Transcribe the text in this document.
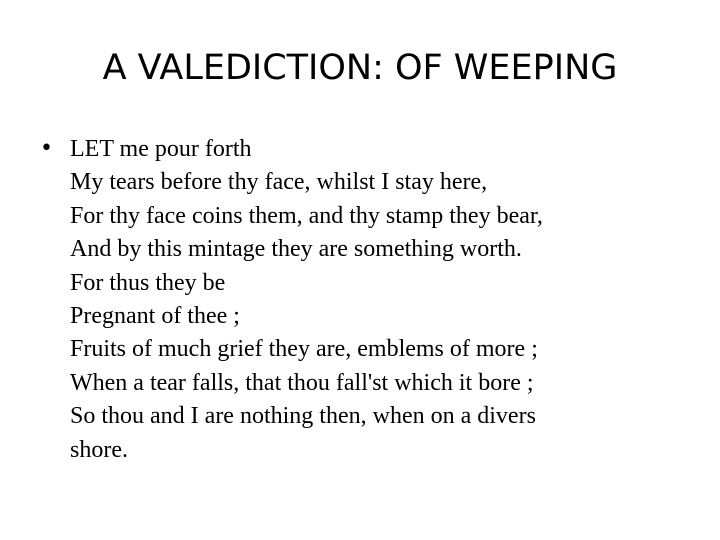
A VALEDICTION: OF WEEPING
• LET me pour forth
My tears before thy face, whilst I stay here,
For thy face coins them, and thy stamp they bear,
And by this mintage they are something worth.
For thus they be
Pregnant of thee ;
Fruits of much grief they are, emblems of more ;
When a tear falls, that thou fall'st which it bore ;
So thou and I are nothing then, when on a divers
shore.
